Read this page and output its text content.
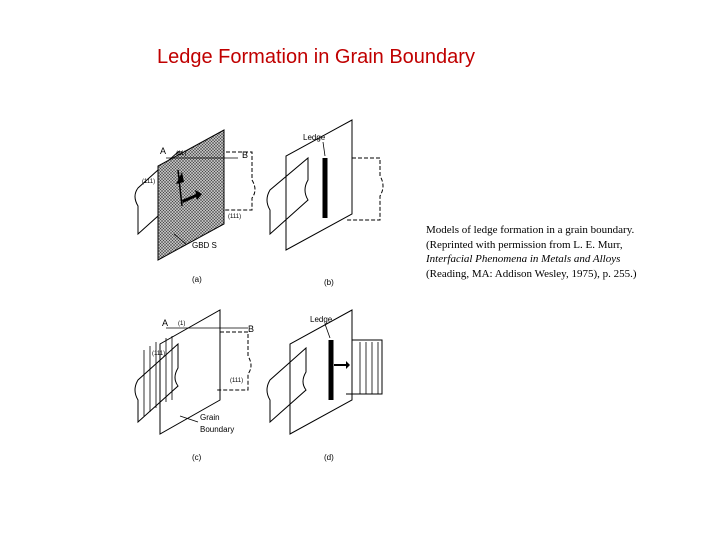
Ledge Formation in Grain Boundary
A	B
(11)
(111)
(111)
GBD S
(a)
Ledge
(b)
A
B
(1)
(111)
(111)
Grain
Boundary
(c)
Ledge
(d)
Models of ledge formation in a grain boundary.
(Reprinted with permission from L. E. Murr,
Interfacial Phenomena in Metals and Alloys
(Reading, MA: Addison Wesley, 1975), p. 255.)
